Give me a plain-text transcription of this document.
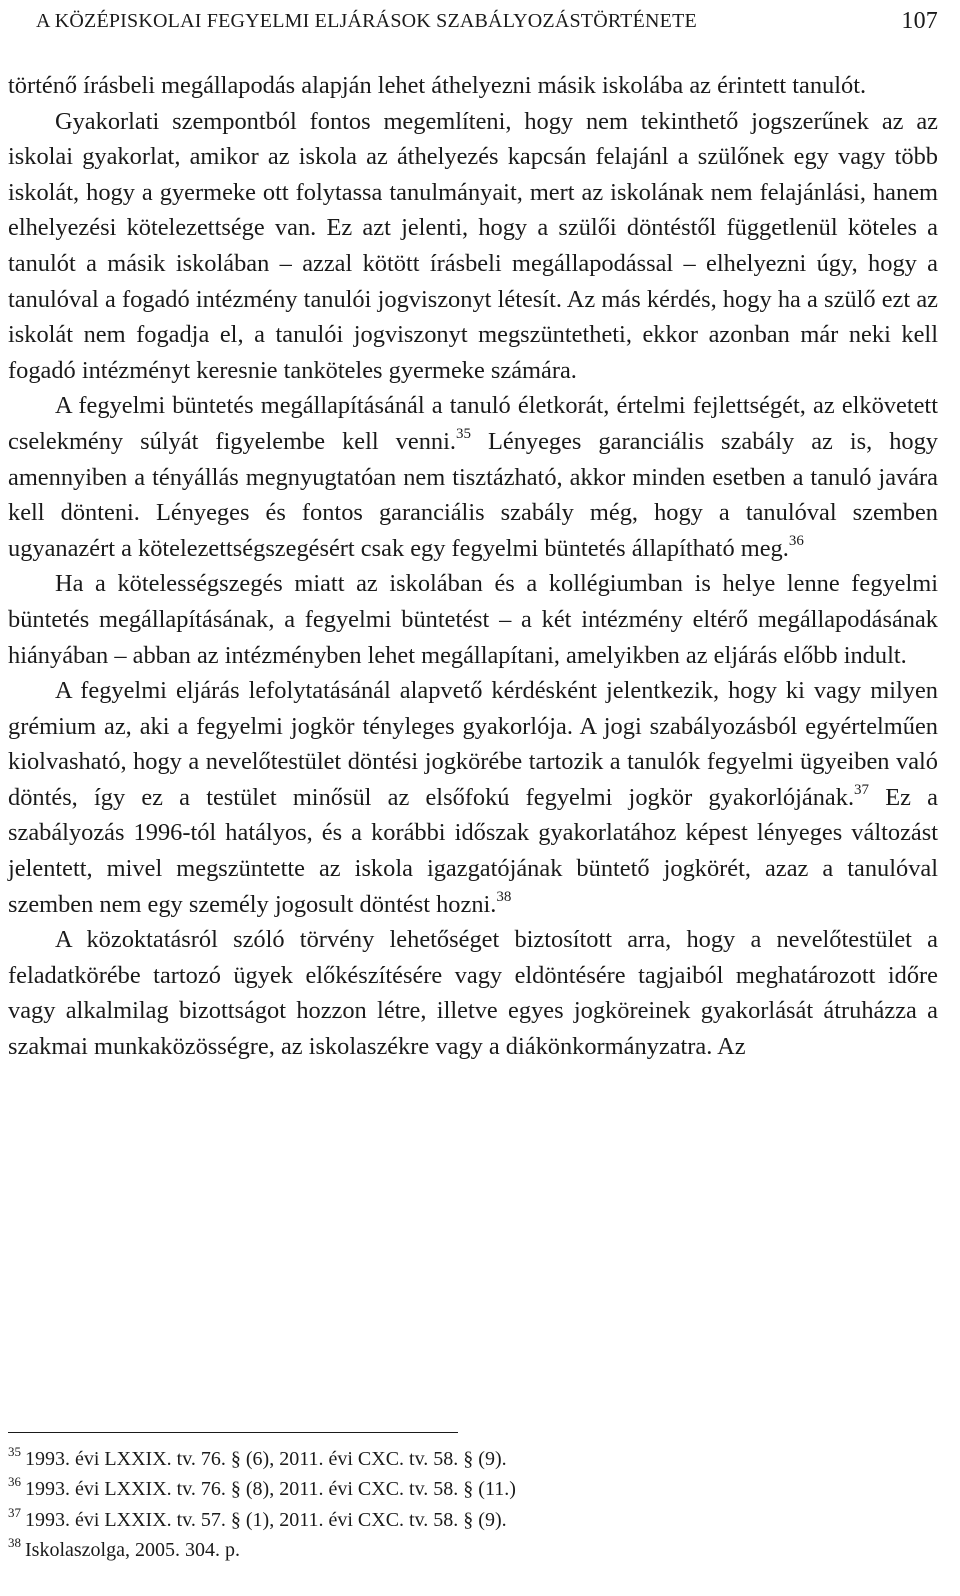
A KÖZÉPISKOLAI FEGYELMI ELJÁRÁSOK SZABÁLYOZÁSTÖRTÉNETE	107

történő írásbeli megállapodás alapján lehet áthelyezni másik iskolába az érintett tanulót.

Gyakorlati szempontból fontos megemlíteni, hogy nem tekinthető jogszerűnek az az iskolai gyakorlat, amikor az iskola az áthelyezés kapcsán felajánl a szülőnek egy vagy több iskolát, hogy a gyermeke ott folytassa tanulmányait, mert az iskolának nem felajánlási, hanem elhelyezési kötelezettsége van. Ez azt jelenti, hogy a szülői döntéstől függetlenül köteles a tanulót a másik iskolában – azzal kötött írásbeli megállapodással – elhelyezni úgy, hogy a tanulóval a fogadó intézmény tanulói jogviszonyt létesít. Az más kérdés, hogy ha a szülő ezt az iskolát nem fogadja el, a tanulói jogviszonyt megszüntetheti, ekkor azonban már neki kell fogadó intézményt keresnie tanköteles gyermeke számára.

A fegyelmi büntetés megállapításánál a tanuló életkorát, értelmi fejlettségét, az elkövetett cselekmény súlyát figyelembe kell venni.$^{35}$ Lényeges garanciális szabály az is, hogy amennyiben a tényállás megnyugtatóan nem tisztázható, akkor minden esetben a tanuló javára kell dönteni. Lényeges és fontos garanciális szabály még, hogy a tanulóval szemben ugyanazért a kötelezettségszegésért csak egy fegyelmi büntetés állapítható meg.$^{36}$

Ha a kötelességszegés miatt az iskolában és a kollégiumban is helye lenne fegyelmi büntetés megállapításának, a fegyelmi büntetést – a két intézmény eltérő megállapodásának hiányában – abban az intézményben lehet megállapítani, amelyikben az eljárás előbb indult.

A fegyelmi eljárás lefolytatásánál alapvető kérdésként jelentkezik, hogy ki vagy milyen grémium az, aki a fegyelmi jogkör tényleges gyakorlója. A jogi szabályozásból egyértelműen kiolvasható, hogy a nevelőtestület döntési jogkörébe tartozik a tanulók fegyelmi ügyeiben való döntés, így ez a testület minősül az elsőfokú fegyelmi jogkör gyakorlójának.$^{37}$ Ez a szabályozás 1996-tól hatályos, és a korábbi időszak gyakorlatához képest lényeges változást jelentett, mivel megszüntette az iskola igazgatójának büntető jogkörét, azaz a tanulóval szemben nem egy személy jogosult döntést hozni.$^{38}$

A közoktatásról szóló törvény lehetőséget biztosított arra, hogy a nevelőtestület a feladatkörébe tartozó ügyek előkészítésére vagy eldöntésére tagjaiból meghatározott időre vagy alkalmilag bizottságot hozzon létre, illetve egyes jogköreinek gyakorlását átruházza a szakmai munkaközösségre, az iskolaszékre vagy a diákönkormányzatra. Az

$^{35}$ 1993. évi LXXIX. tv. 76. § (6), 2011. évi CXC. tv. 58. § (9).
$^{36}$ 1993. évi LXXIX. tv. 76. § (8), 2011. évi CXC. tv. 58. § (11.)
$^{37}$ 1993. évi LXXIX. tv. 57. § (1), 2011. évi CXC. tv. 58. § (9).
$^{38}$ Iskolaszolga, 2005. 304. p.
